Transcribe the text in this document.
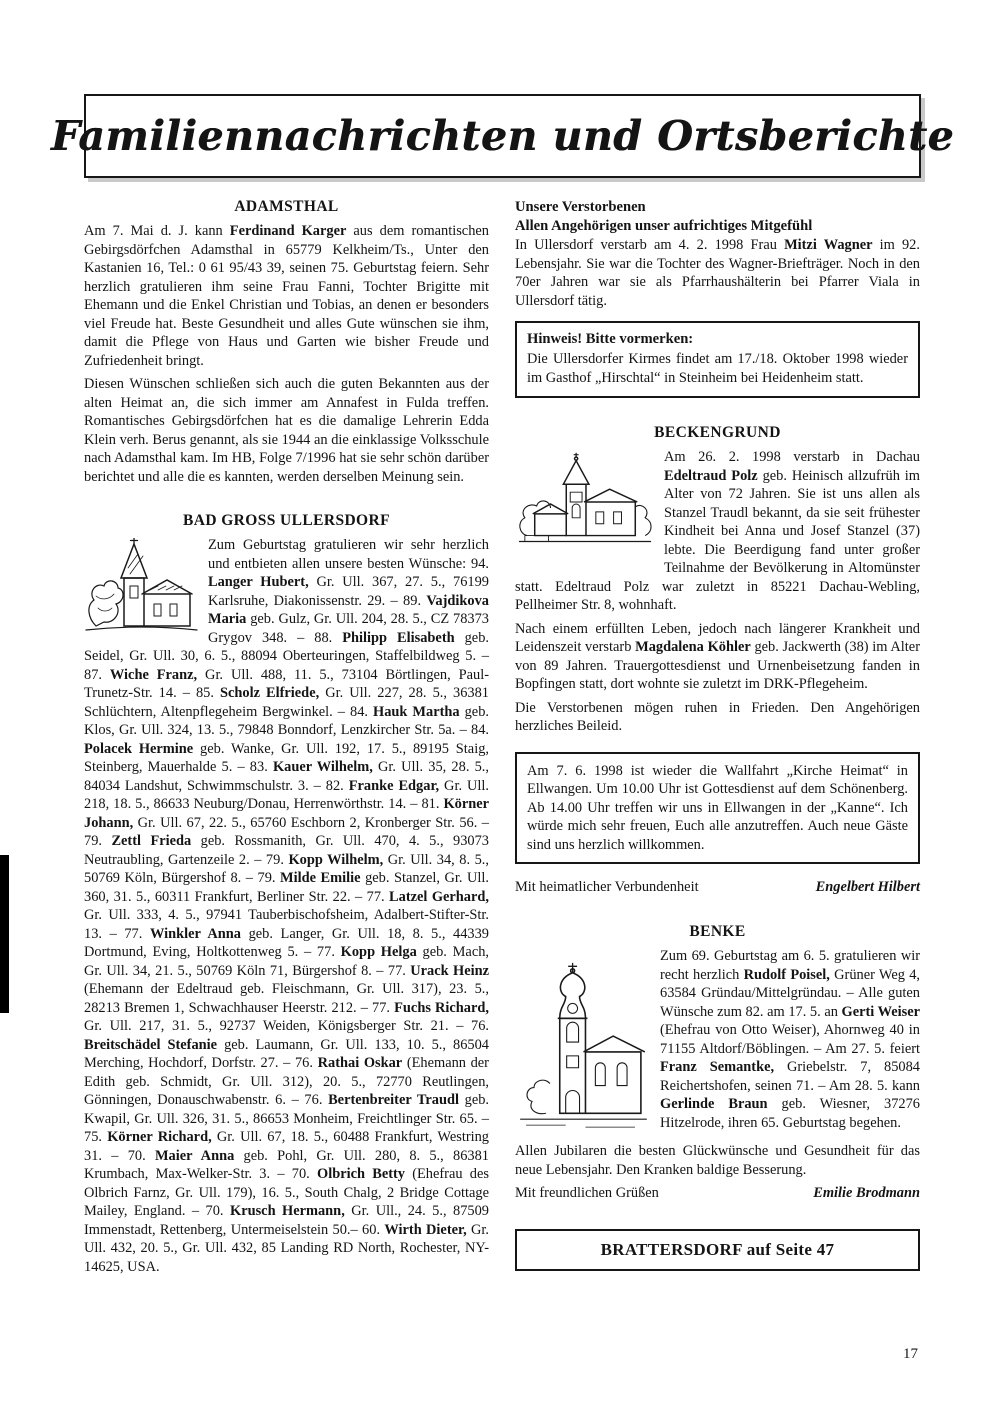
Familiennachrichten und Ortsberichte
ADAMSTHAL

Am 7. Mai d. J. kann Ferdinand Karger aus dem romantischen Gebirgsdörfchen Adamsthal in 65779 Kelkheim/Ts., Unter den Kastanien 16, Tel.: 0 61 95/43 39, seinen 75. Geburtstag feiern. Sehr herzlich gratulieren ihm seine Frau Fanni, Tochter Brigitte mit Ehemann und die Enkel Christian und Tobias, an denen er besonders viel Freude hat. Beste Gesundheit und alles Gute wünschen sie ihm, damit die Pflege von Haus und Garten wie bisher Freude und Zufriedenheit bringt.

Diesen Wünschen schließen sich auch die guten Bekannten aus der alten Heimat an, die sich immer am Annafest in Fulda treffen. Romantisches Gebirgsdörfchen hat es die damalige Lehrerin Edda Klein verh. Berus genannt, als sie 1944 an die einklassige Volksschule nach Adamsthal kam. Im HB, Folge 7/1996 hat sie sehr schön darüber berichtet und alle die es kannten, werden derselben Meinung sein.

BAD GROSS ULLERSDORF
Zum Geburtstag gratulieren wir sehr herzlich und entbieten allen unsere besten Wünsche: 94. Langer Hubert, Gr. Ull. 367, 27. 5., 76199 Karlsruhe, Diakonissenstr. 29. – 89. Vajdikova Maria geb. Gulz, Gr. Ull. 204, 28. 5., CZ 78373 Grygov 348. – 88. Philipp Elisabeth geb. Seidel, Gr. Ull. 30, 6. 5., 88094 Oberteuringen, Staffelbildweg 5. – 87. Wiche Franz, Gr. Ull. 488, 11. 5., 73104 Börtlingen, Paul-Trunetz-Str. 14. – 85. Scholz Elfriede, Gr. Ull. 227, 28. 5., 36381 Schlüchtern, Altenpflegeheim Bergwinkel. – 84. Hauk Martha geb. Klos, Gr. Ull. 324, 13. 5., 79848 Bonndorf, Lenzkircher Str. 5a. – 84. Polacek Hermine geb. Wanke, Gr. Ull. 192, 17. 5., 89195 Staig, Steinberg, Mauerhalde 5. – 83. Kauer Wilhelm, Gr. Ull. 35, 28. 5., 84034 Landshut, Schwimmschulstr. 3. – 82. Franke Edgar, Gr. Ull. 218, 18. 5., 86633 Neuburg/Donau, Herrenwörthstr. 14. – 81. Körner Johann, Gr. Ull. 67, 22. 5., 65760 Eschborn 2, Kronberger Str. 56. – 79. Zettl Frieda geb. Rossmanith, Gr. Ull. 470, 4. 5., 93073 Neutraubling, Gartenzeile 2. – 79. Kopp Wilhelm, Gr. Ull. 34, 8. 5., 50769 Köln, Bürgershof 8. – 79. Milde Emilie geb. Stanzel, Gr. Ull. 360, 31. 5., 60311 Frankfurt, Berliner Str. 22. – 77. Latzel Gerhard, Gr. Ull. 333, 4. 5., 97941 Tauberbischofsheim, Adalbert-Stifter-Str. 13. – 77. Winkler Anna geb. Langer, Gr. Ull. 18, 8. 5., 44339 Dortmund, Eving, Holtkottenweg 5. – 77. Kopp Helga geb. Mach, Gr. Ull. 34, 21. 5., 50769 Köln 71, Bürgershof 8. – 77. Urack Heinz (Ehemann der Edeltraud geb. Fleischmann, Gr. Ull. 317), 23. 5., 28213 Bremen 1, Schwachhauser Heerstr. 212. – 77. Fuchs Richard, Gr. Ull. 217, 31. 5., 92737 Weiden, Königsberger Str. 21. – 76. Breitschädel Stefanie geb. Laumann, Gr. Ull. 133, 10. 5., 86504 Merching, Hochdorf, Dorfstr. 27. – 76. Rathai Oskar (Ehemann der Edith geb. Schmidt, Gr. Ull. 312), 20. 5., 72770 Reutlingen, Gönningen, Donauschwabenstr. 6. – 76. Bertenbreiter Traudl geb. Kwapil, Gr. Ull. 326, 31. 5., 86653 Monheim, Freichtlinger Str. 65. – 75. Körner Richard, Gr. Ull. 67, 18. 5., 60488 Frankfurt, Westring 31. – 70. Maier Anna geb. Pohl, Gr. Ull. 280, 8. 5., 86381 Krumbach, Max-Welker-Str. 3. – 70. Olbrich Betty (Ehefrau des Olbrich Farnz, Gr. Ull. 179), 16. 5., South Chalg, 2 Bridge Cottage Mailey, England. – 70. Krusch Hermann, Gr. Ull., 24. 5., 87509 Immenstadt, Rettenberg, Untermeiselstein 50.– 60. Wirth Dieter, Gr. Ull. 432, 20. 5., Gr. Ull. 432, 85 Landing RD North, Rochester, NY-14625, USA.
Unsere Verstorbenen
Allen Angehörigen unser aufrichtiges Mitgefühl

In Ullersdorf verstarb am 4. 2. 1998 Frau Mitzi Wagner im 92. Lebensjahr. Sie war die Tochter des Wagner-Briefträger. Noch in den 70er Jahren war sie als Pfarrhaushälterin bei Pfarrer Viala in Ullersdorf tätig.

Hinweis! Bitte vormerken:

Die Ullersdorfer Kirmes findet am 17./18. Oktober 1998 wieder im Gasthof „Hirschtal“ in Steinheim bei Heidenheim statt.

BECKENGRUND
Am 26. 2. 1998 verstarb in Dachau Edeltraud Polz geb. Heinisch allzufrüh im Alter von 72 Jahren. Sie ist uns allen als Stanzel Traudl bekannt, da sie seit frühester Kindheit bei Anna und Josef Stanzel (37) lebte. Die Beerdigung fand unter großer Teilnahme der Bevölkerung in Altomünster statt. Edeltraud Polz war zuletzt in 85221 Dachau-Webling, Pellheimer Str. 8, wohnhaft.

Nach einem erfüllten Leben, jedoch nach längerer Krankheit und Leidenszeit verstarb Magdalena Köhler geb. Jackwerth (38) im Alter von 89 Jahren. Trauergottesdienst und Urnenbeisetzung fanden in Bopfingen statt, dort wohnte sie zuletzt im DRK-Pflegeheim.

Die Verstorbenen mögen ruhen in Frieden. Den Angehörigen herzliches Beileid.

Am 7. 6. 1998 ist wieder die Wallfahrt „Kirche Heimat“ in Ellwangen. Um 10.00 Uhr ist Gottesdienst auf dem Schönenberg. Ab 14.00 Uhr treffen wir uns in Ellwangen in der „Kanne“. Ich würde mich sehr freuen, Euch alle anzutreffen. Auch neue Gäste sind uns herzlich willkommen.

Mit heimatlicher Verbundenheit	Engelbert Hilbert
BENKE
Zum 69. Geburtstag am 6. 5. gratulieren wir recht herzlich Rudolf Poisel, Grüner Weg 4, 63584 Gründau/Mittelgründau. – Alle guten Wünsche zum 82. am 17. 5. an Gerti Weiser (Ehefrau von Otto Weiser), Ahornweg 40 in 71155 Altdorf/Böblingen. – Am 27. 5. feiert Franz Semantke, Griebelstr. 7, 85084 Reichertshofen, seinen 71. – Am 28. 5. kann Gerlinde Braun geb. Wiesner, 37276 Hitzelrode, ihren 65. Geburtstag begehen.

Allen Jubilaren die besten Glückwünsche und Gesundheit für das neue Lebensjahr. Den Kranken baldige Besserung.

Mit freundlichen Grüßen	Emilie Brodmann
BRATTERSDORF auf Seite 47
17
